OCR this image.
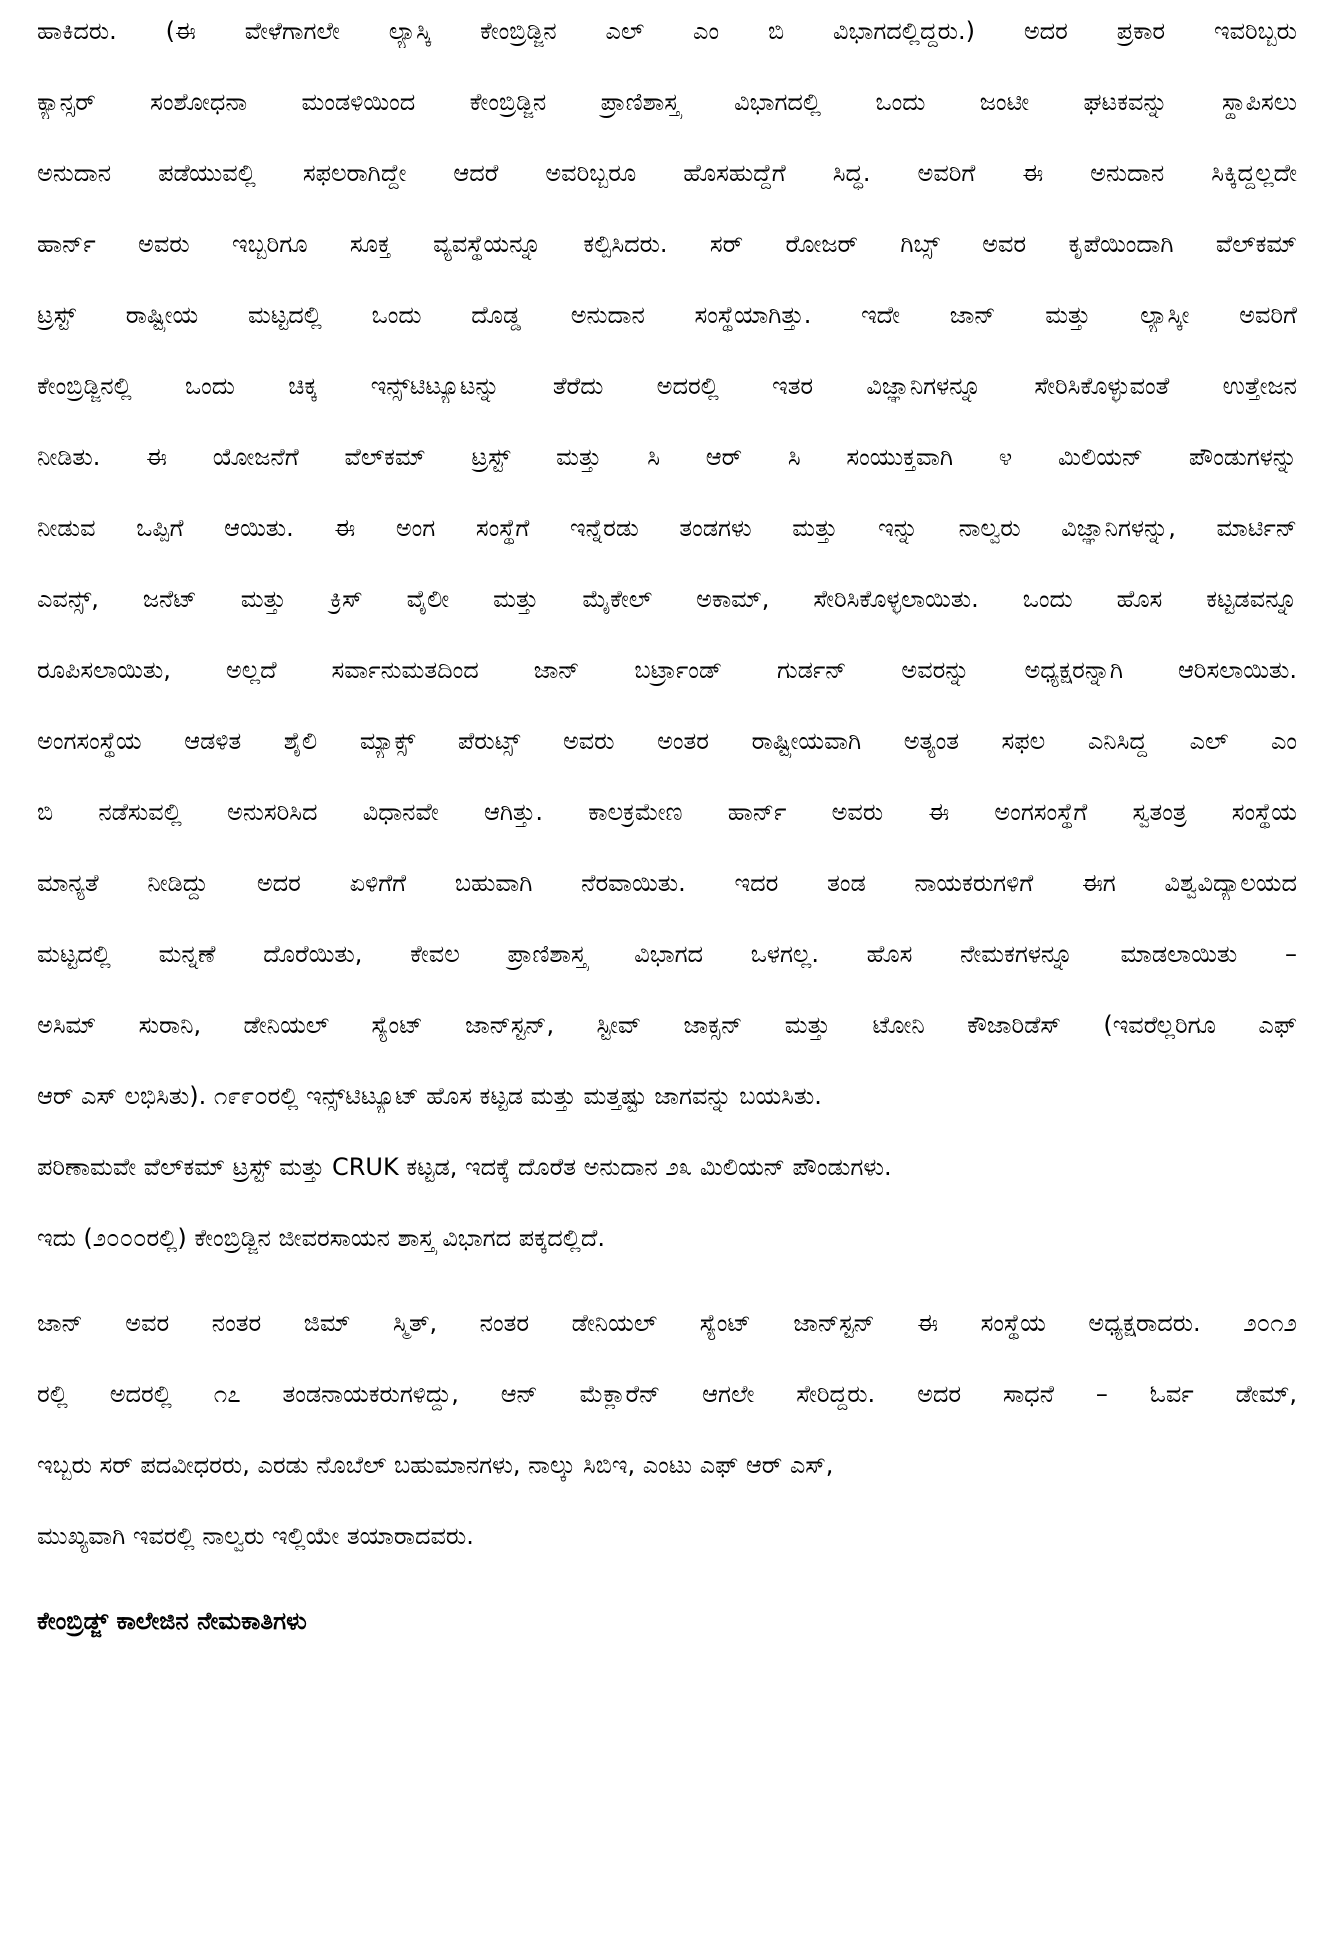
ಹಾಕಿದರು. (ಈ ವೇಳೆಗಾಗಲೇ ಲ್ಯಾಸ್ಕಿ ಕೇಂಬ್ರಿಡ್ಜಿನ ಎಲ್ ಎಂ ಬಿ ವಿಭಾಗದಲ್ಲಿದ್ದರು.) ಅದರ ಪ್ರಕಾರ ಇವರಿಬ್ಬರು
ಕ್ಯಾನ್ಸರ್ ಸಂಶೋಧನಾ ಮಂಡಳಿಯಿಂದ ಕೇಂಬ್ರಿಡ್ಜಿನ ಪ್ರಾಣಿಶಾಸ್ತ್ರ ವಿಭಾಗದಲ್ಲಿ ಒಂದು ಜಂಟೀ ಘಟಕವನ್ನು ಸ್ಥಾಪಿಸಲು
ಅನುದಾನ ಪಡೆಯುವಲ್ಲಿ ಸಫಲರಾಗಿದ್ದೇ ಆದರೆ ಅವರಿಬ್ಬರೂ ಹೊಸಹುದ್ದೆಗೆ ಸಿದ್ಧ. ಅವರಿಗೆ ಈ ಅನುದಾನ ಸಿಕ್ಕಿದ್ದಲ್ಲದೇ
ಹಾರ್ನ್ ಅವರು ಇಬ್ಬರಿಗೂ ಸೂಕ್ತ ವ್ಯವಸ್ಥೆಯನ್ನೂ ಕಲ್ಪಿಸಿದರು. ಸರ್ ರೋಜರ್ ಗಿಬ್ಸ್ ಅವರ ಕೃಪೆಯಿಂದಾಗಿ ವೆಲ್‌ಕಮ್
ಟ್ರಸ್ಟ್ ರಾಷ್ಟ್ರೀಯ ಮಟ್ಟದಲ್ಲಿ ಒಂದು ದೊಡ್ಡ ಅನುದಾನ ಸಂಸ್ಥೆಯಾಗಿತ್ತು. ಇದೇ ಜಾನ್ ಮತ್ತು ಲ್ಯಾಸ್ಕೀ ಅವರಿಗೆ
ಕೇಂಬ್ರಿಡ್ಜಿನಲ್ಲಿ ಒಂದು ಚಿಕ್ಕ ಇನ್ಸ್‌ಟಿಟ್ಯೂಟನ್ನು ತೆರೆದು ಅದರಲ್ಲಿ ಇತರ ವಿಜ್ಞಾನಿಗಳನ್ನೂ ಸೇರಿಸಿಕೊಳ್ಳುವಂತೆ ಉತ್ತೇಜನ
ನೀಡಿತು. ಈ ಯೋಜನೆಗೆ ವೆಲ್‌ಕಮ್ ಟ್ರಸ್ಟ್ ಮತ್ತು ಸಿ ಆರ್ ಸಿ ಸಂಯುಕ್ತವಾಗಿ ೪ ಮಿಲಿಯನ್ ಪೌಂಡುಗಳನ್ನು
ನೀಡುವ ಒಪ್ಪಿಗೆ ಆಯಿತು. ಈ ಅಂಗ ಸಂಸ್ಥೆಗೆ ಇನ್ನೆರಡು ತಂಡಗಳು ಮತ್ತು ಇನ್ನು ನಾಲ್ವರು ವಿಜ್ಞಾನಿಗಳನ್ನು, ಮಾರ್ಟಿನ್
ಎವನ್ಸ್, ಜನೆಟ್ ಮತ್ತು ಕ್ರಿಸ್ ವೈಲೀ ಮತ್ತು ಮೈಕೇಲ್ ಅಕಾಮ್, ಸೇರಿಸಿಕೊಳ್ಳಲಾಯಿತು. ಒಂದು ಹೊಸ ಕಟ್ಟಡವನ್ನೂ
ರೂಪಿಸಲಾಯಿತು, ಅಲ್ಲದೆ ಸರ್ವಾನುಮತದಿಂದ ಜಾನ್ ಬರ್ಟ್ರಾಂಡ್ ಗುರ್ಡನ್ ಅವರನ್ನು ಅಧ್ಯಕ್ಷರನ್ನಾಗಿ ಆರಿಸಲಾಯಿತು.
ಅಂಗಸಂಸ್ಥೆಯ ಆಡಳಿತ ಶೈಲಿ ಮ್ಯಾಕ್ಸ್ ಪೆರುಟ್ಸ್ ಅವರು ಅಂತರ ರಾಷ್ಟ್ರೀಯವಾಗಿ ಅತ್ಯಂತ ಸಫಲ ಎನಿಸಿದ್ದ ಎಲ್ ಎಂ
ಬಿ ನಡೆಸುವಲ್ಲಿ ಅನುಸರಿಸಿದ ವಿಧಾನವೇ ಆಗಿತ್ತು. ಕಾಲಕ್ರಮೇಣ ಹಾರ್ನ್ ಅವರು ಈ ಅಂಗಸಂಸ್ಥೆಗೆ ಸ್ವತಂತ್ರ ಸಂಸ್ಥೆಯ
ಮಾನ್ಯತೆ ನೀಡಿದ್ದು ಅದರ ಏಳಿಗೆಗೆ ಬಹುವಾಗಿ ನೆರವಾಯಿತು. ಇದರ ತಂಡ ನಾಯಕರುಗಳಿಗೆ ಈಗ ವಿಶ್ವವಿದ್ಯಾಲಯದ
ಮಟ್ಟದಲ್ಲಿ ಮನ್ನಣೆ ದೊರೆಯಿತು, ಕೇವಲ ಪ್ರಾಣಿಶಾಸ್ತ್ರ ವಿಭಾಗದ ಒಳಗಲ್ಲ. ಹೊಸ ನೇಮಕಗಳನ್ನೂ ಮಾಡಲಾಯಿತು –
ಅಸಿಮ್ ಸುರಾನಿ, ಡೇನಿಯಲ್ ಸ್ಯೆಂಟ್ ಜಾನ್‌ಸ್ಟನ್, ಸ್ಟೀವ್ ಜಾಕ್ಸನ್ ಮತ್ತು ಟೋನಿ ಕೌಜಾರಿಡೆಸ್ (ಇವರೆಲ್ಲರಿಗೂ ಎಫ್
ಆರ್ ಎಸ್ ಲಭಿಸಿತು). ೧೯೯೦ರಲ್ಲಿ ಇನ್ಸ್‌ಟಿಟ್ಯೂಟ್ ಹೊಸ ಕಟ್ಟಡ ಮತ್ತು ಮತ್ತಷ್ಟು ಜಾಗವನ್ನು ಬಯಸಿತು.
ಪರಿಣಾಮವೇ ವೆಲ್‌ಕಮ್ ಟ್ರಸ್ಟ್ ಮತ್ತು CRUK ಕಟ್ಟಡ, ಇದಕ್ಕೆ ದೊರೆತ ಅನುದಾನ ೨೩ ಮಿಲಿಯನ್ ಪೌಂಡುಗಳು.
ಇದು (೨೦೦೦ರಲ್ಲಿ) ಕೇಂಬ್ರಿಡ್ಜಿನ ಜೀವರಸಾಯನ ಶಾಸ್ತ್ರ ವಿಭಾಗದ ಪಕ್ಕದಲ್ಲಿದೆ.
ಜಾನ್ ಅವರ ನಂತರ ಜಿಮ್ ಸ್ಮಿತ್, ನಂತರ ಡೇನಿಯಲ್ ಸ್ಯೆಂಟ್ ಜಾನ್‌ಸ್ಟನ್ ಈ ಸಂಸ್ಥೆಯ ಅಧ್ಯಕ್ಷರಾದರು. ೨೦೧೨
ರಲ್ಲಿ ಅದರಲ್ಲಿ ೧೭ ತಂಡನಾಯಕರುಗಳಿದ್ದು, ಆನ್ ಮೆಕ್ಲಾರೆನ್ ಆಗಲೇ ಸೇರಿದ್ದರು. ಅದರ ಸಾಧನೆ – ಓರ್ವ ಡೇಮ್,
ಇಬ್ಬರು ಸರ್ ಪದವೀಧರರು, ಎರಡು ನೊಬೆಲ್ ಬಹುಮಾನಗಳು, ನಾಲ್ಕು ಸಿಬಿಇ, ಎಂಟು ಎಫ್ ಆರ್ ಎಸ್,
ಮುಖ್ಯವಾಗಿ ಇವರಲ್ಲಿ ನಾಲ್ವರು ಇಲ್ಲಿಯೇ ತಯಾರಾದವರು.
ಕೇಂಬ್ರಿಡ್ಜ್ ಕಾಲೇಜಿನ ನೇಮಕಾತಿಗಳು
